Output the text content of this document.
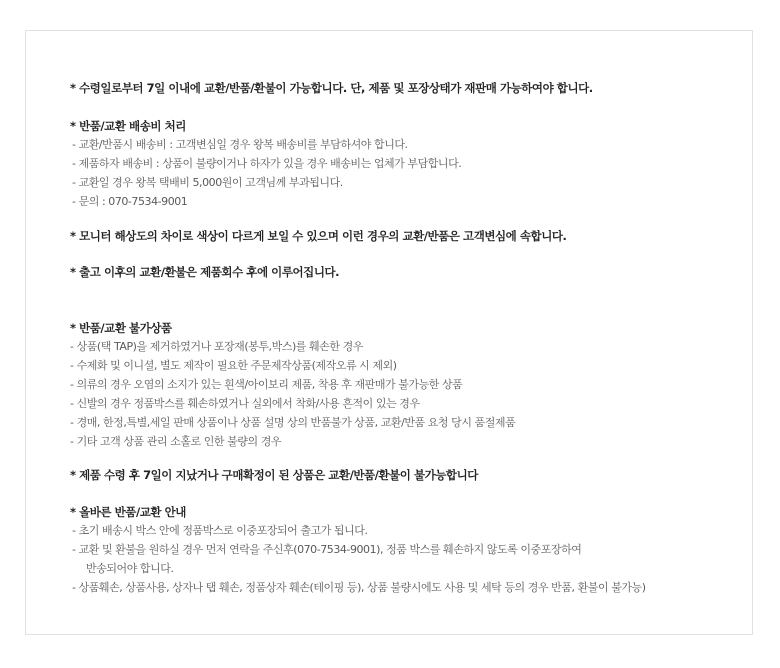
* 수령일로부터 7일 이내에 교환/반품/환불이 가능합니다. 단, 제품 및 포장상태가 재판매 가능하여야 합니다.
* 반품/교환 배송비 처리
- 교환/반품시 배송비 : 고객변심일 경우 왕복 배송비를 부담하셔야 합니다.
- 제품하자 배송비 : 상품이 불량이거나 하자가 있을 경우 배송비는 업체가 부담합니다.
- 교환일 경우 왕복 택배비 5,000원이 고객님께 부과됩니다.
- 문의 : 070-7534-9001
* 모니터 해상도의 차이로 색상이 다르게 보일 수 있으며 이런 경우의 교환/반품은 고객변심에 속합니다.
* 출고 이후의 교환/환불은 제품회수 후에 이루어집니다.
* 반품/교환 불가상품
- 상품(택 TAP)을 제거하였거나 포장재(봉투,박스)를 훼손한 경우
- 수제화 및 이니셜, 별도 제작이 필요한 주문제작상품(제작오류 시 제외)
- 의류의 경우 오염의 소지가 있는 흰색/아이보리 제품, 착용 후 재판매가 불가능한 상품
- 신발의 경우 정품박스를 훼손하였거나 실외에서 착화/사용 흔적이 있는 경우
- 경매, 한정,특별,세일 판매 상품이나 상품 설명 상의 반품불가 상품, 교환/반품 요청 당시 품절제품
- 기타 고객 상품 관리 소홀로 인한 불량의 경우
* 제품 수령 후 7일이 지났거나 구매확정이 된 상품은 교환/반품/환불이 불가능합니다
* 올바른 반품/교환 안내
- 초기 배송시 박스 안에 정품박스로 이중포장되어 출고가 됩니다.
- 교환 및 환불을 원하실 경우 먼저 연락을 주신후(070-7534-9001), 정품 박스를 훼손하지 않도록 이중포장하여
반송되어야 합니다.
- 상품훼손, 상품사용, 상자나 탭 훼손, 정품상자 훼손(테이핑 등), 상품 불량시에도 사용 및 세탁 등의 경우 반품, 환불이 불가능)
